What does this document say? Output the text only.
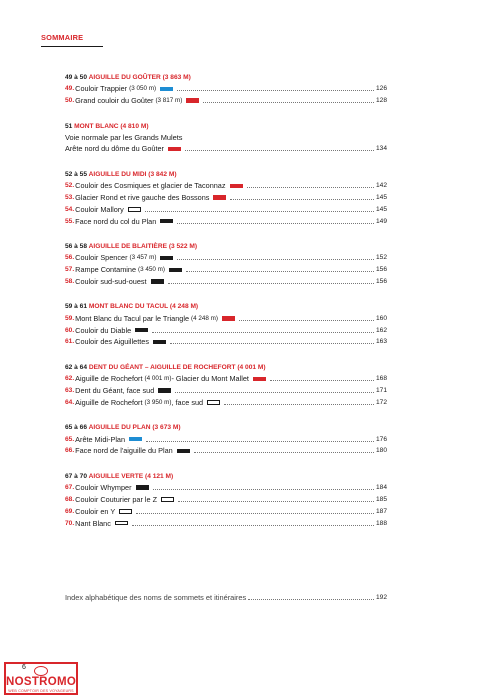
SOMMAIRE
49 à 50 AIGUILLE DU GOÛTER (3 863 M)
49. Couloir Trappier (3 050 m)	126
50. Grand couloir du Goûter (3 817 m)	128
51 MONT BLANC (4 810 M)
Voie normale par les Grands Mulets
Arête nord du dôme du Goûter	134
52 à 55 AIGUILLE DU MIDI (3 842 M)
52. Couloir des Cosmiques et glacier de Taconnaz	142
53. Glacier Rond et rive gauche des Bossons	145
54. Couloir Mallory	145
55. Face nord du col du Plan	149
56 à 58 AIGUILLE DE BLAITIÈRE (3 522 M)
56. Couloir Spencer (3 457 m)	152
57. Rampe Contamine (3 450 m)	156
58. Couloir sud-sud-ouest	156
59 à 61 MONT BLANC DU TACUL (4 248 M)
59. Mont Blanc du Tacul par le Triangle (4 248 m)	160
60. Couloir du Diable	162
61. Couloir des Aiguillettes	163
62 à 64 DENT DU GÉANT – AIGUILLE DE ROCHEFORT (4 001 M)
62. Aiguille de Rochefort (4 001 m) - Glacier du Mont Mallet	168
63. Dent du Géant, face sud	171
64. Aiguille de Rochefort (3 950 m) , face sud	172
65 à 66 AIGUILLE DU PLAN (3 673 M)
65. Arête Midi-Plan	176
66. Face nord de l'aiguille du Plan	180
67 à 70 AIGUILLE VERTE (4 121 M)
67. Couloir Whymper	184
68. Couloir Couturier par le Z	185
69. Couloir en Y	187
70. Nant Blanc	188
Index alphabétique des noms de sommets et itinéraires	192
NOSTROMO
WEB COMPTOIR DES VOYAGEURS
6
